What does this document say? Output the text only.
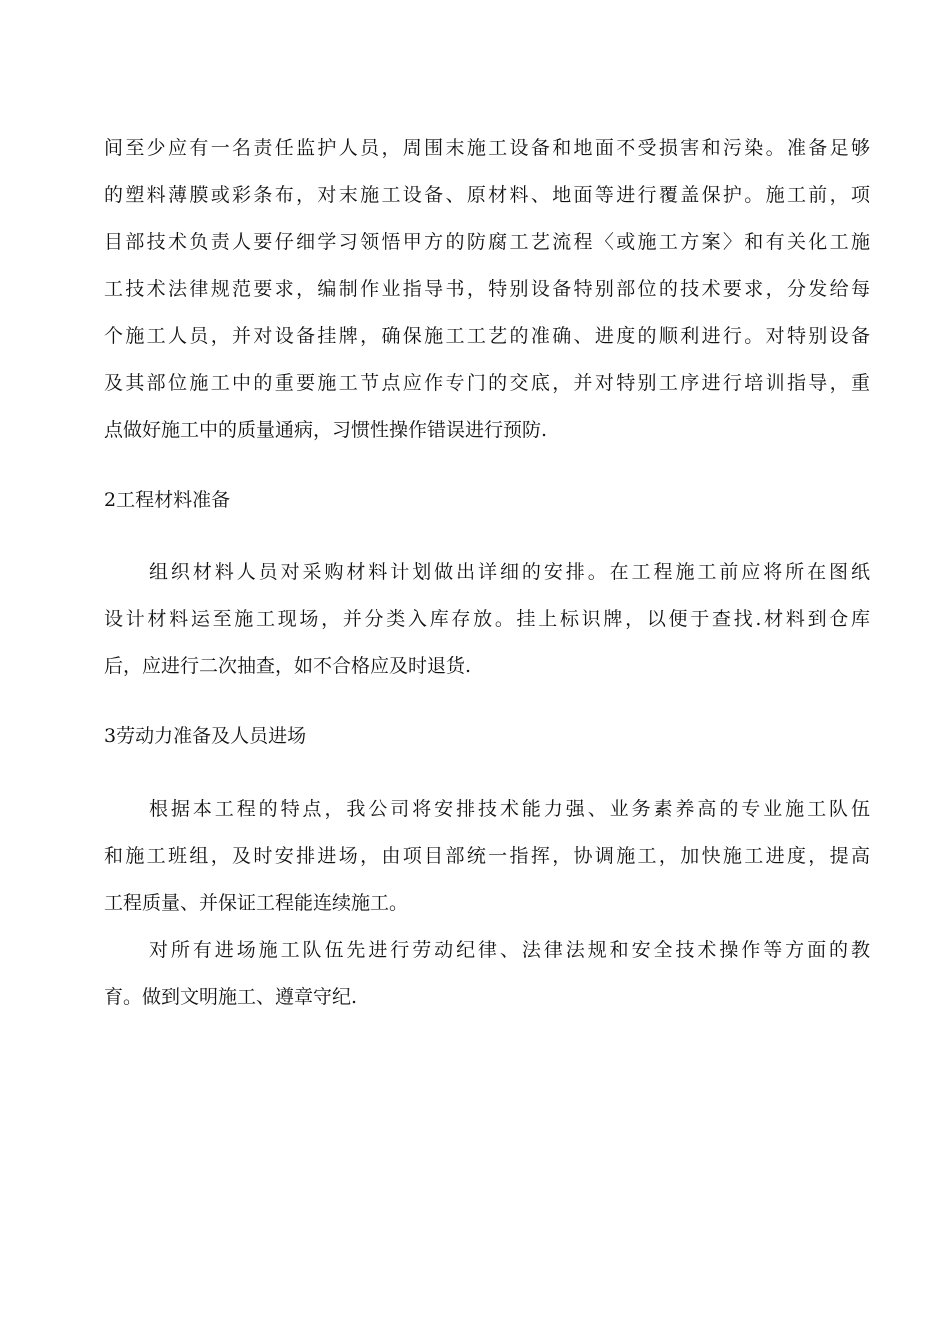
间至少应有一名责任监护人员，周围末施工设备和地面不受损害和污染。准备足够
的塑料薄膜或彩条布，对末施工设备、原材料、地面等进行覆盖保护。施工前，项
目部技术负责人要仔细学习领悟甲方的防腐工艺流程〈或施工方案〉和有关化工施
工技术法律规范要求，编制作业指导书，特别设备特别部位的技术要求，分发给每
个施工人员，并对设备挂牌，确保施工工艺的准确、进度的顺利进行。对特别设备
及其部位施工中的重要施工节点应作专门的交底，并对特别工序进行培训指导，重
点做好施工中的质量通病，习惯性操作错误进行预防.
2工程材料准备
组织材料人员对采购材料计划做出详细的安排。在工程施工前应将所在图纸
设计材料运至施工现场，并分类入库存放。挂上标识牌，以便于查找.材料到仓库
后，应进行二次抽查，如不合格应及时退货.
3劳动力准备及人员进场
根据本工程的特点，我公司将安排技术能力强、业务素养高的专业施工队伍
和施工班组，及时安排进场，由项目部统一指挥，协调施工，加快施工进度，提高
工程质量、并保证工程能连续施工。
对所有进场施工队伍先进行劳动纪律、法律法规和安全技术操作等方面的教
育。做到文明施工、遵章守纪.
